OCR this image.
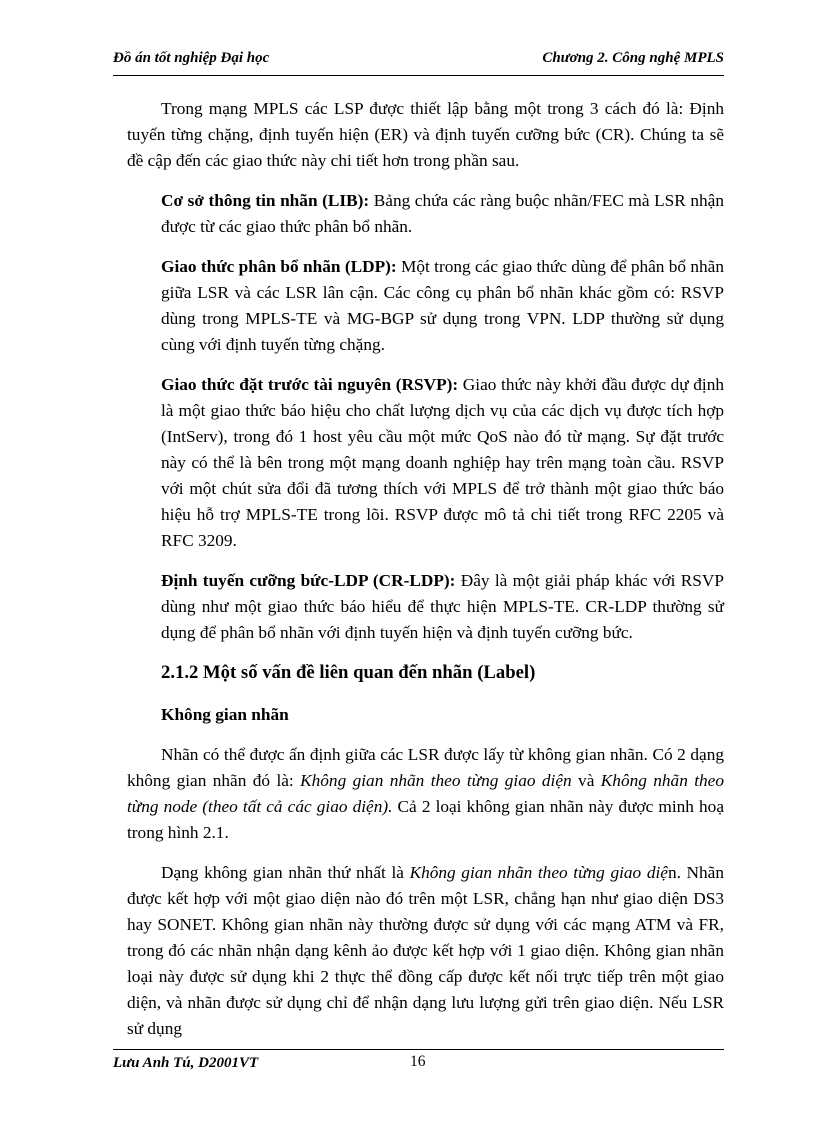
Đồ án tốt nghiệp Đại học	Chương 2. Công nghệ MPLS

Trong mạng MPLS các LSP được thiết lập bằng một trong 3 cách đó là: Định tuyến từng chặng, định tuyến hiện (ER) và định tuyến cưỡng bức (CR). Chúng ta sẽ đề cập đến các giao thức này chi tiết hơn trong phần sau.

Cơ sở thông tin nhãn (LIB): Bảng chứa các ràng buộc nhãn/FEC mà LSR nhận được từ các giao thức phân bổ nhãn.

Giao thức phân bổ nhãn (LDP): Một trong các giao thức dùng để phân bổ nhãn giữa LSR và các LSR lân cận. Các công cụ phân bổ nhãn khác gồm có: RSVP dùng trong MPLS-TE và MG-BGP sử dụng trong VPN. LDP thường sử dụng cùng với định tuyến từng chặng.

Giao thức đặt trước tài nguyên (RSVP): Giao thức này khởi đầu được dự định là một giao thức báo hiệu cho chất lượng dịch vụ của các dịch vụ được tích hợp (IntServ), trong đó 1 host yêu cầu một mức QoS nào đó từ mạng. Sự đặt trước này có thể là bên trong một mạng doanh nghiệp hay trên mạng toàn cầu. RSVP với một chút sửa đổi đã tương thích với MPLS để trở thành một giao thức báo hiệu hỗ trợ MPLS-TE trong lõi. RSVP được mô tả chi tiết trong RFC 2205 và RFC 3209.

Định tuyến cưỡng bức-LDP (CR-LDP): Đây là một giải pháp khác với RSVP dùng như một giao thức báo hiểu để thực hiện MPLS-TE. CR-LDP thường sử dụng để phân bổ nhãn với định tuyến hiện và định tuyến cưỡng bức.

2.1.2 Một số vấn đề liên quan đến nhãn (Label)

Không gian nhãn

Nhãn có thể được ấn định giữa các LSR được lấy từ không gian nhãn. Có 2 dạng không gian nhãn đó là: Không gian nhãn theo từng giao diện và Không nhãn theo từng node (theo tất cả các giao diện). Cả 2 loại không gian nhãn này được minh hoạ trong hình 2.1.

Dạng không gian nhãn thứ nhất là Không gian nhãn theo từng giao diện. Nhãn được kết hợp với một giao diện nào đó trên một LSR, chẳng hạn như giao diện DS3 hay SONET. Không gian nhãn này thường được sử dụng với các mạng ATM và FR, trong đó các nhãn nhận dạng kênh ảo được kết hợp với 1 giao diện. Không gian nhãn loại này được sử dụng khi 2 thực thể đồng cấp được kết nối trực tiếp trên một giao diện, và nhãn được sử dụng chỉ để nhận dạng lưu lượng gửi trên giao diện. Nếu LSR sử dụng

Lưu Anh Tú, D2001VT	16
